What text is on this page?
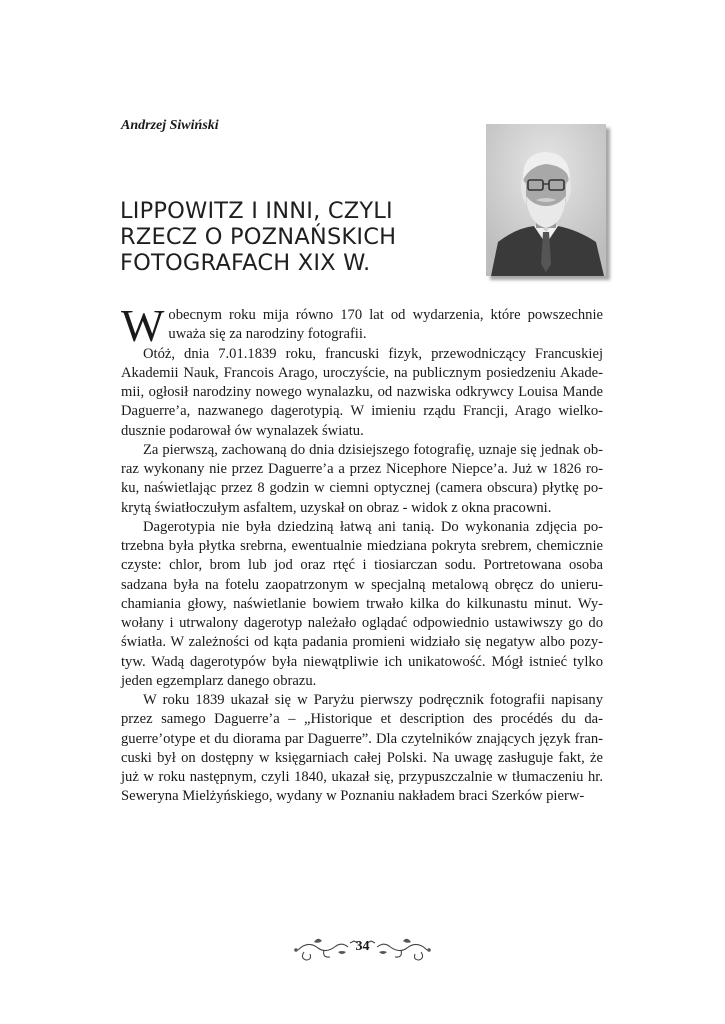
Andrzej Siwiński
LIPPOWITZ I INNI, CZYLI
RZECZ O POZNAŃSKICH
FOTOGRAFACH XIX W.

Wobecnym roku mija równo 170 lat od wydarzenia, które powszechnie uważa się za narodziny fotografii.

Otóż, dnia 7.01.1839 roku, francuski fizyk, przewodniczący Francuskiej Akademii Nauk, Francois Arago, uroczyście, na publicznym posiedzeniu Akademii, ogłosił narodziny nowego wynalazku, od nazwiska odkrywcy Louisa Mande Daguerre’a, nazwanego dagerotypią. W imieniu rządu Francji, Arago wielkodusznie podarował ów wynalazek światu.

Za pierwszą, zachowaną do dnia dzisiejszego fotografię, uznaje się jednak obraz wykonany nie przez Daguerre’a a przez Nicephore Niepce’a. Już w 1826 roku, naświetlając przez 8 godzin w ciemni optycznej (camera obscura) płytkę pokrytą światłoczułym asfaltem, uzyskał on obraz - widok z okna pracowni.

Dagerotypia nie była dziedziną łatwą ani tanią. Do wykonania zdjęcia potrzebna była płytka srebrna, ewentualnie miedziana pokryta srebrem, chemicznie czyste: chlor, brom lub jod oraz rtęć i tiosiarczan sodu. Portretowana osoba sadzana była na fotelu zaopatrzonym w specjalną metalową obręcz do unieruchamiania głowy, naświetlanie bowiem trwało kilka do kilkunastu minut. Wywołany i utrwalony dagerotyp należało oglądać odpowiednio ustawiwszy go do światła. W zależności od kąta padania promieni widziało się negatyw albo pozytyw. Wadą dagerotypów była niewątpliwie ich unikatowość. Mógł istnieć tylko jeden egzemplarz danego obrazu.

W roku 1839 ukazał się w Paryżu pierwszy podręcznik fotografii napisany przez samego Daguerre’a – „Historique et description des procédés du daguerre’otype et du diorama par Daguerre”. Dla czytelników znających język francuski był on dostępny w księgarniach całej Polski. Na uwagę zasługuje fakt, że już w roku następnym, czyli 1840, ukazał się, przypuszczalnie w tłumaczeniu hr. Seweryna Mielżyńskiego, wydany w Poznaniu nakładem braci Szerków pierw-

34
